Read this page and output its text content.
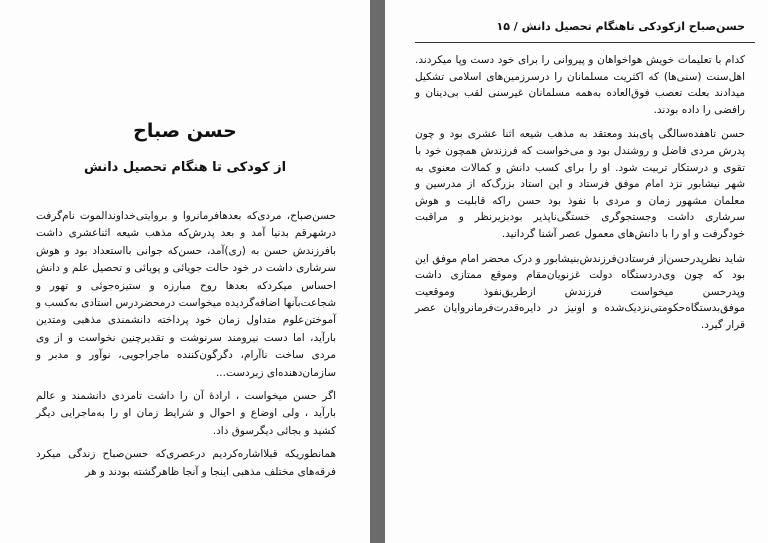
حسن صباح
از کودکی تا هنگام تحصیل دانش

حسن‌صباح، مردی‌که بعدهافرمانروا و بروایتی‌خداوندالموت نام‌گرفت درشهرقم بدنیا آمد و بعد پدرش‌که مذهب شیعه اثناعشری داشت بافرزندش حسن به (ری)آمد، حسن‌که جوانی بااستعداد بود و هوش سرشاری داشت در خود حالت جویائی و پویائی و تحصیل علم و دانش احساس میکردکه بعدها روح مبارزه و ستیزه‌جوئی و تهور و شجاعت‌بآنها اضافه‌گردیده میخواست درمحضردرس استادی به‌کسب و آموختن‌علوم متداول زمان خود پرداخته دانشمندی مذهبی ومتدین بارآید، اما دست نیرومند سرنوشت و تقدیرچنین نخواست و از وی مردی ساخت ناآرام، دگرگون‌کننده ماجراجویی، نوآور و مدبر و سازمان‌دهنده‌ای زبردست...

اگر حسن میخواست ، ارادهٔ آن را داشت تامردی دانشمند و عالم بارآید ، ولی اوضاع و احوال و شرایط زمان او را به‌ماجرایی دیگر کشید و بجائی دیگرسوق داد.

همانطوریکه قبلااشاره‌کردیم درعصری‌که حسن‌صباح زندگی میکرد فرقه‌های مختلف مذهبی اینجا و آنجا ظاهرگشته بودند و هر

حسن‌صباح ازکودکی تاهنگام تحصیل دانش / ۱۵

کدام با تعلیمات خویش هواخواهان و پیروانی را برای خود دست وپا میکردند. اهل‌سنت (سنی‌ها) که اکثریت مسلمانان را درسرزمین‌های اسلامی تشکیل میدادند بعلت تعصب فوق‌العاده به‌همه مسلمانان غیرسنی لقب بی‌دینان و رافضی را داده بودند.

حسن تاهفده‌سالگی پای‌بند ومعتقد به مذهب شیعه اثنا عشری بود و چون پدرش مردی فاضل و روشندل بود و می‌خواست که فرزندش همچون خود با تقوی و درستکار تربیت شود. او را برای کسب دانش و کمالات معنوی به شهر نیشابور نزد امام موفق فرستاد و این استاد بزرگ‌که از مدرسین و معلمان مشهور زمان و مردی با نفوذ بود حسن را‌که قابلیت و هوش سرشاری داشت وجستجوگری خستگی‌ناپذیر بودبزیرنظر و مراقبت خودگرفت و او را با دانش‌های معمول عصر آشنا گردانید.

شاید نظرپدرحسن‌از فرستادن‌فرزندش‌بنیشابور و درک محضر امام موفق این بود که چون وی‌دردستگاه دولت غزنویان‌مقام وموقع ممتازی داشت وپدرحسن میخواست فرزندش ازطریق‌نفوذ وموقعیت موفق‌بدستگاه‌حکومتی‌نزدیک‌شده و اونیز در دایره‌قدرت‌فرمانروایان عصر قرار گیرد.
